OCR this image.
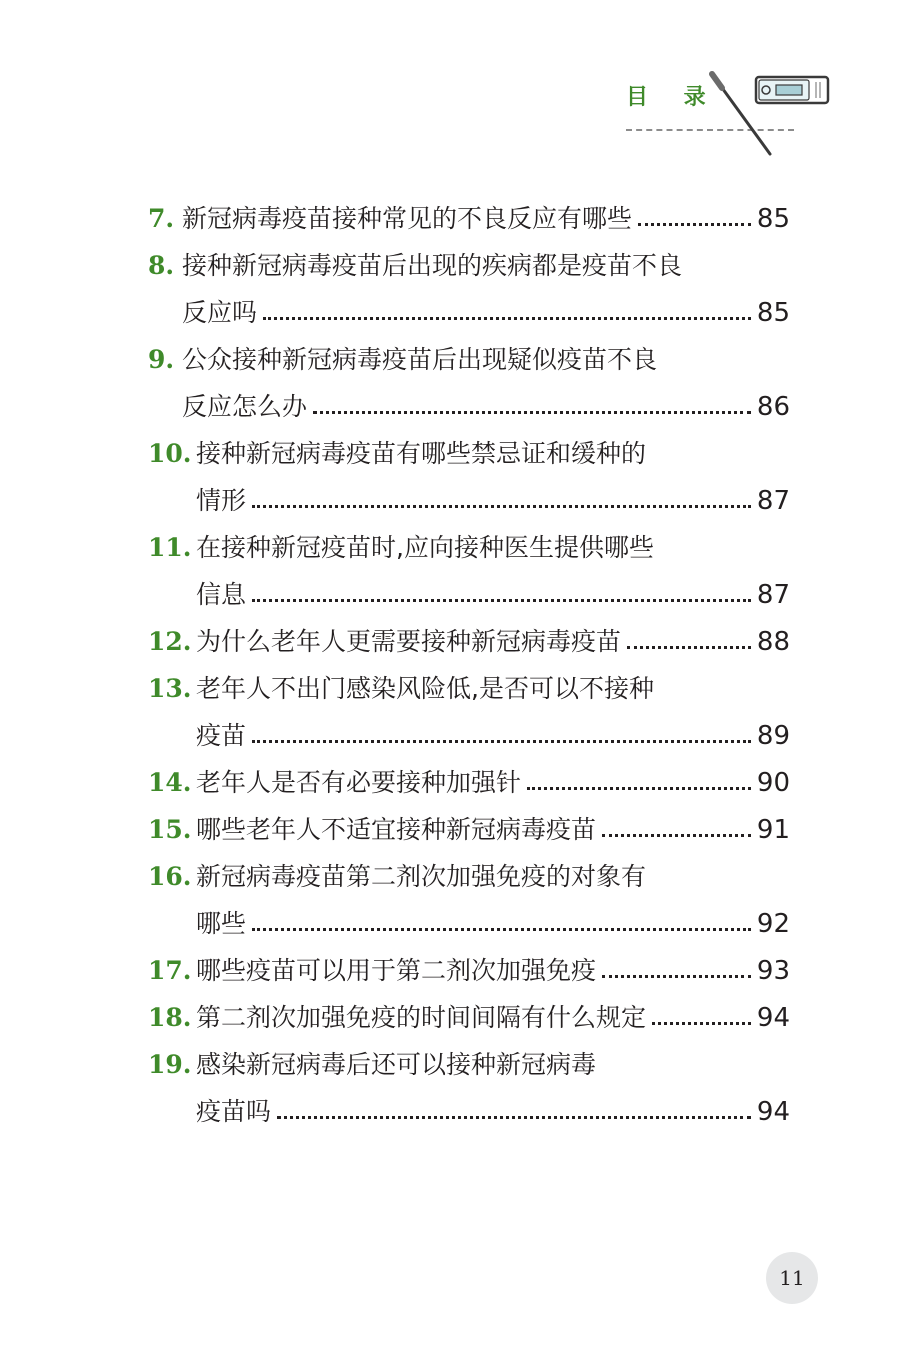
目 录
7. 新冠病毒疫苗接种常见的不良反应有哪些	85
8. 接种新冠病毒疫苗后出现的疾病都是疫苗不良
反应吗	85
9. 公众接种新冠病毒疫苗后出现疑似疫苗不良
反应怎么办	86
10. 接种新冠病毒疫苗有哪些禁忌证和缓种的
情形	87
11. 在接种新冠疫苗时,应向接种医生提供哪些
信息	87
12. 为什么老年人更需要接种新冠病毒疫苗	88
13. 老年人不出门感染风险低,是否可以不接种
疫苗	89
14. 老年人是否有必要接种加强针	90
15. 哪些老年人不适宜接种新冠病毒疫苗	91
16. 新冠病毒疫苗第二剂次加强免疫的对象有
哪些	92
17. 哪些疫苗可以用于第二剂次加强免疫	93
18. 第二剂次加强免疫的时间间隔有什么规定	94
19. 感染新冠病毒后还可以接种新冠病毒
疫苗吗	94
11
